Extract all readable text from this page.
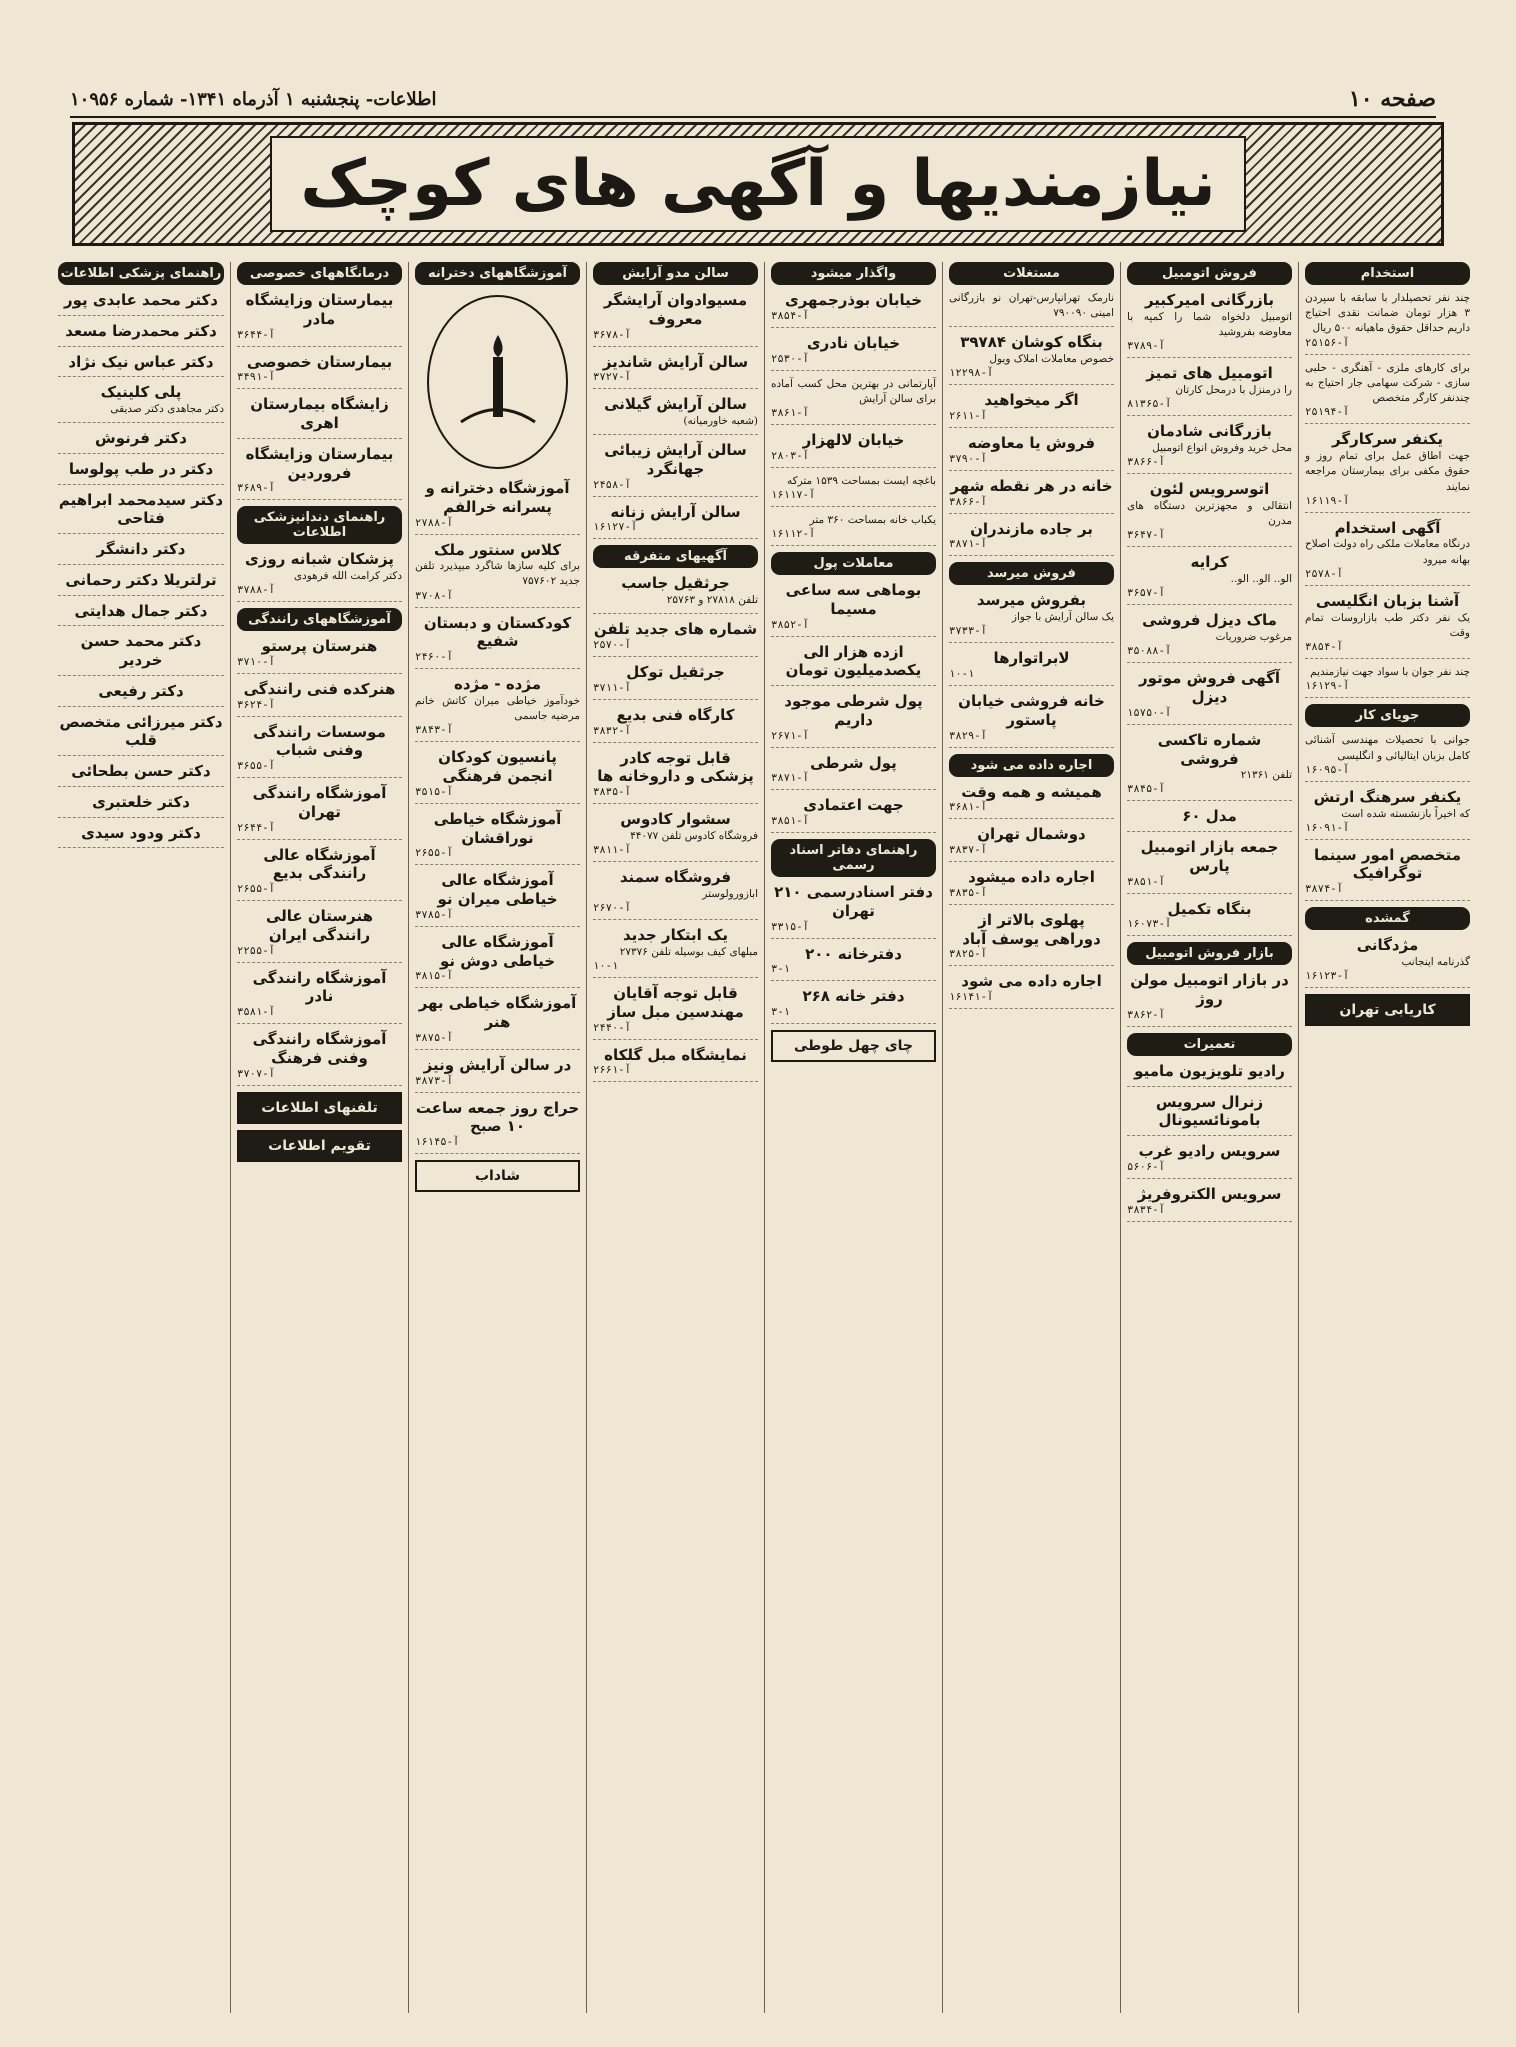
صفحه ۱۰
اطلاعات- پنجشنبه ۱ آذرماه ۱۳۴۱- شماره ۱۰۹۵۶
نیازمندیها و آگهی های کوچک
استخدام
چند نفر تحصیلدار با سابقه با سپردن ۳ هزار تومان ضمانت نقدی احتیاج داریم حداقل حقوق ماهیانه ۵۰۰ ریال
آ-۲۵۱۵۶
برای کارهای ملزی - آهنگری - حلبی سازی - شرکت سهامی جار احتیاج به چندنفر کارگر متخصص
آ-۲۵۱۹۴
یکنفر سرکارگر
جهت اطاق عمل برای تمام روز و حقوق مکفی برای بیمارستان مراجعه نمایند
۱۶۱۱۹-آ
آگهی استخدام
درنگاه معاملات ملکی راه دولت اصلاح بهانه میرود
آ-۲۵۷۸
آشنا بزبان انگلیسی
یک نفر دکتر طب بازاروسات تمام وقت
آ-۳۸۵۴
چند نفر جوان با سواد جهت نیازمندیم
۱۶۱۲۹-آ
جویای کار
جوانی با تحصیلات مهندسی آشنائی کامل بزبان ایتالیائی و انگلیسی
آ-۱۶۰۹۵
یکنفر سرهنگ ارتش
که اخیراً بازنشسته شده است
آ-۱۶۰۹۱
متخصص امور سینما توگرافیک
آ-۳۸۷۴
گمشده
مژدگانی
گذرنامه اینجانب
آ-۱۶۱۲۳
کاریابی تهران
فروش اتومبیل
بازرگانی امیرکبیر
اتومبیل دلخواه شما را کمپه با معاوضه بفروشید
آ-۳۷۸۹
اتومبیل های تمیز
را درمنزل با درمحل کارتان
۸۱۳۶۵-آ
بازرگانی شادمان
محل خرید وفروش انواع اتومبیل
آ-۳۸۶۶
اتوسرویس لئون
انتقالی و مجهزترین دستگاه های مدرن
آ-۳۶۴۷
کرایه
الو.. الو.. الو..
آ-۳۶۵۷
ماک دیزل فروشی
مرغوب ضروریات
آ-۳۵۰۸۸
آگهی فروش موتور دیزل
آ-۱۵۷۵۰
شماره تاکسی فروشی
تلفن ۲۱۳۶۱
آ-۳۸۴۵
مدل ۶۰
جمعه بازار اتومبیل پارس
آ-۳۸۵۱
بنگاه تکمیل
آ-۱۶۰۷۳
بازار فروش اتومبیل
در بازار اتومبیل مولن روژ
آ-۳۸۶۲
تعمیرات
رادیو تلویزیون مامیو
زنرال سرویس بامونائسیونال
سرویس رادیو غرب
آ-۵۶۰۶
سرویس الکتروفریژ
آ-۳۸۳۴
مستغلات
نارمک تهرانپارس-تهران نو بازرگانی امینی ۷۹۰۰۹۰
بنگاه کوشان ۳۹۷۸۴
خصوص معاملات املاک ویول
آ-۱۲۲۹۸
اگر میخواهید
آ-۲۶۱۱
فروش یا معاوضه
آ-۳۷۹۰
خانه در هر نقطه شهر
آ-۳۸۶۶
بر جاده مازندران
آ-۳۸۷۱
فروش میرسد
بفروش میرسد
یک سالن آرایش با جواز
آ-۳۷۳۳
لابراتوارها
۱۰-۱
خانه فروشی خیابان پاستور
آ-۳۸۲۹
اجاره داده می شود
همیشه و همه وقت
آ-۳۶۸۱
دوشمال تهران
آ-۳۸۳۷
اجاره داده میشود
آ-۳۸۳۵
پهلوی بالاتر از دوراهی یوسف آباد
آ-۳۸۲۵
اجاره داده می شود
آ-۱۶۱۴۱
واگذار میشود
خیابان بوذرجمهری
آ-۳۸۵۴
خیابان نادری
آ-۲۵۳۰
آپارتمانی در بهترین محل کسب آماده برای سالن آرایش
آ-۳۸۶۱
خیابان لالهزار
آ-۲۸۰۳
باغچه ایست بمساحت ۱۵۳۹ مترکه
آ-۱۶۱۱۷
یکباب خانه بمساحت ۳۶۰ متر
آ-۱۶۱۱۲
معاملات پول
بوماهی سه ساعی مسیما
آ-۳۸۵۲
ازده هزار الی یکصدمیلیون تومان
پول شرطی موجود داریم
آ-۲۶۷۱
پول شرطی
آ-۳۸۷۱
جهت اعتمادی
آ-۳۸۵۱
راهنمای دفاتر اسناد رسمی
دفتر اسنادرسمی ۲۱۰ تهران
آ-۳۳۱۵
دفترخانه ۲۰۰
۳-۱
دفتر خانه ۲۶۸
۳-۱
چای چهل طوطی
سالن مدو آرایش
مسیوادوان آرایشگر معروف
آ-۳۶۷۸
سالن آرایش شاندیز
آ-۳۷۲۷
سالن آرایش گیلانی
(شعبه خاورمیانه)
سالن آرایش زیبائی جهانگرد
آ-۲۴۵۸
سالن آرایش زنانه
آ-۱۶۱۲۷
آگهیهای متفرقه
جرثقیل جاسب
تلفن ۲۷۸۱۸ و ۲۵۷۶۳
شماره های جدید تلفن
آ-۲۵۷۰
جرثقیل توکل
آ-۳۷۱۱
کارگاه فنی بدیع
آ-۳۸۳۲
قابل توجه کادر پزشکی و داروخانه ها
آ-۳۸۳۵
سشوار کادوس
فروشگاه کادوس تلفن ۴۴۰۷۷
آ-۳۸۱۱
فروشگاه سمند
ابازورولوستر
آ-۲۶۷۰
یک ابتکار جدید
مبلهای کیف بوسیله تلفن ۲۷۳۷۶
۱۰-۱
قابل توجه آقایان مهندسین مبل ساز
آ-۲۴۴۰
نمایشگاه مبل گلکاه
آ-۲۶۶۱
آموزشگاههای دخترانه
آموزشگاه دخترانه و پسرانه خرالفم
آ-۲۷۸۸
کلاس سنتور ملک
برای کلیه سازها شاگرد میپذیرد تلفن جدید ۷۵۷۶۰۲
آ-۳۷۰۸
کودکستان و دبستان شفیع
آ-۲۴۶۰
مژده - مژده
خودآموز خیاطی میران کاتش خانم مرضیه جاسمی
آ-۳۸۴۳
پانسیون کودکان انجمن فرهنگی
آ-۳۵۱۵
آموزشگاه خیاطی نوراقشان
آ-۲۶۵۵
آموزشگاه عالی خیاطی میران نو
آ-۳۷۸۵
آموزشگاه عالی خیاطی دوش نو
آ-۳۸۱۵
آموزشگاه خیاطی بهر هنر
آ-۳۸۷۵
در سالن آرایش ونیز
آ-۳۸۷۳
حراج روز جمعه ساعت ۱۰ صبح
آ-۱۶۱۴۵
شاداب
درمانگاههای خصوصی
بیمارستان وزایشگاه مادر
آ-۳۶۴۴
بیمارستان خصوصی
آ-۳۴۹۱
زایشگاه بیمارستان اهری
بیمارستان وزایشگاه فروردین
آ-۳۶۸۹
راهنمای دندانپزشکی اطلاعات
پزشکان شبانه روزی
دکتر کرامت الله فرهودی
آ-۳۷۸۸
آموزشگاههای رانندگی
هنرستان پرستو
آ-۳۷۱۰
هنرکده فنی رانندگی
آ-۳۶۲۴
موسسات رانندگی وفنی شباب
آ-۳۶۵۵
آموزشگاه رانندگی تهران
آ-۲۶۴۴
آموزشگاه عالی رانندگی بدیع
آ-۲۶۵۵
هنرستان عالی رانندگی ایران
آ-۲۲۵۵
آموزشگاه رانندگی نادر
آ-۳۵۸۱
آموزشگاه رانندگی وفنی فرهنگ
آ-۳۷۰۷
تلفنهای اطلاعات
تقویم اطلاعات
راهنمای پزشکی اطلاعات
دکتر محمد عابدی پور
دکتر محمدرضا مسعد
دکتر عباس نیک نژاد
پلی کلینیک
دکتر مجاهدی دکتر صدیقی
دکتر فرنوش
دکتر در طب پولوسا
دکتر سیدمحمد ابراهیم فتاحی
دکتر دانشگر
ترلتریلا دکتر رحمانی
دکتر جمال هدایتی
دکتر محمد حسن خردیر
دکتر رفیعی
دکتر میرزائی متخصص قلب
دکتر حسن بطحائی
دکتر خلعتبری
دکتر ودود سیدی
